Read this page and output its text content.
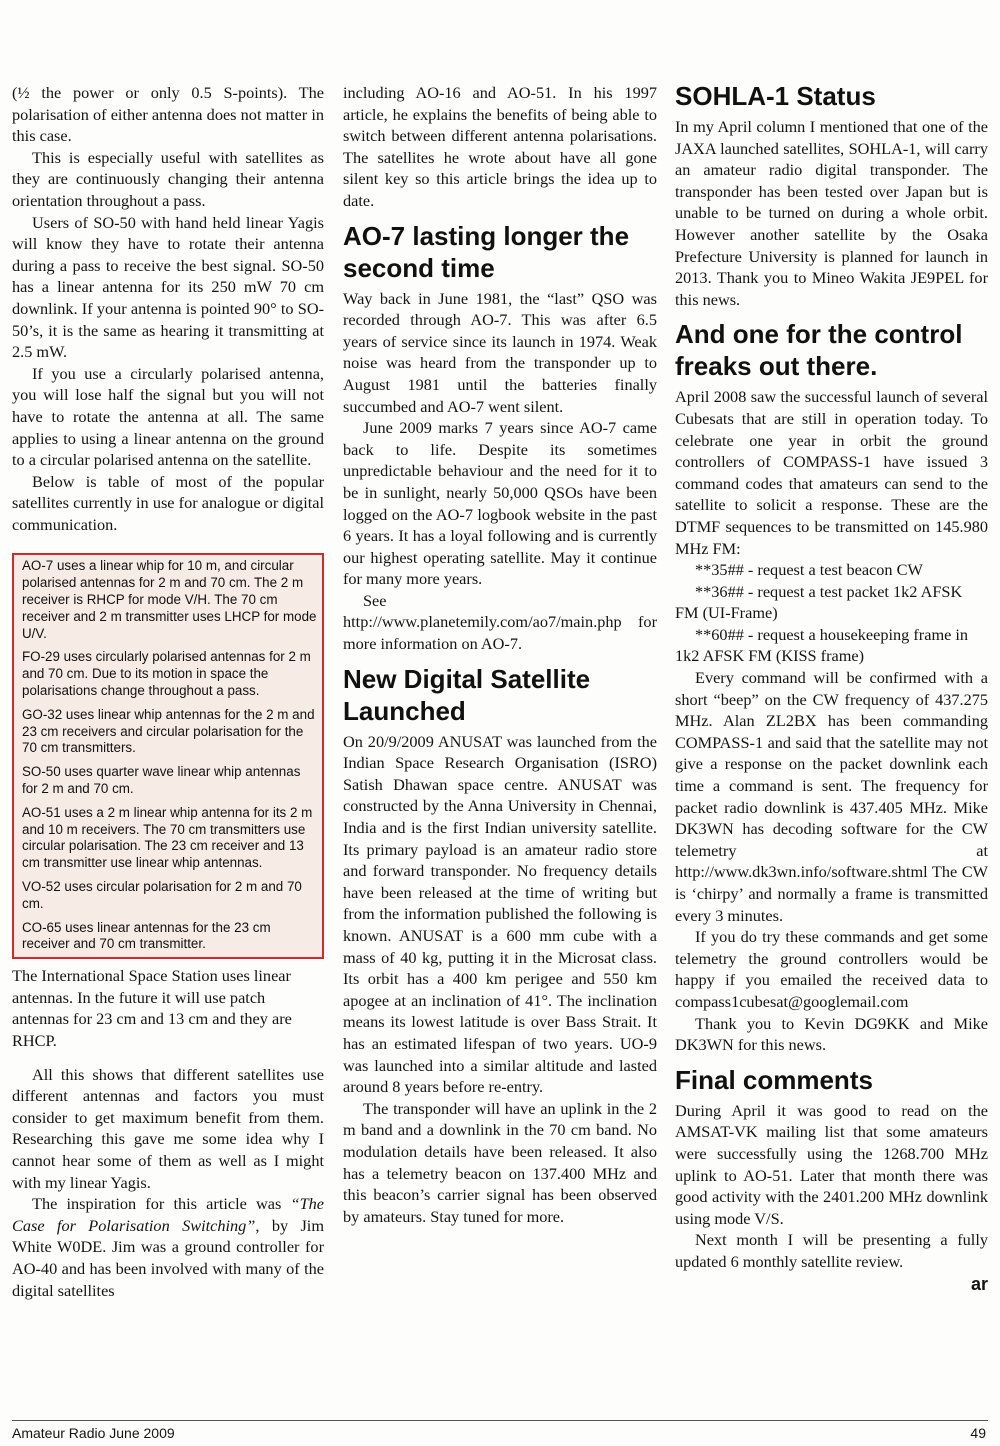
(½ the power or only 0.5 S-points). The polarisation of either antenna does not matter in this case.

This is especially useful with satellites as they are continuously changing their antenna orientation throughout a pass.

Users of SO-50 with hand held linear Yagis will know they have to rotate their antenna during a pass to receive the best signal. SO-50 has a linear antenna for its 250 mW 70 cm downlink. If your antenna is pointed 90° to SO-50’s, it is the same as hearing it transmitting at 2.5 mW.

If you use a circularly polarised antenna, you will lose half the signal but you will not have to rotate the antenna at all. The same applies to using a linear antenna on the ground to a circular polarised antenna on the satellite.

Below is table of most of the popular satellites currently in use for analogue or digital communication.

AO-7 uses a linear whip for 10 m, and circular polarised antennas for 2 m and 70 cm. The 2 m receiver is RHCP for mode V/H. The 70 cm receiver and 2 m transmitter uses LHCP for mode U/V.

FO-29 uses circularly polarised antennas for 2 m and 70 cm. Due to its motion in space the polarisations change throughout a pass.

GO-32 uses linear whip antennas for the 2 m and 23 cm receivers and circular polarisation for the 70 cm transmitters.

SO-50 uses quarter wave linear whip antennas for 2 m and 70 cm.

AO-51 uses a 2 m linear whip antenna for its 2 m and 10 m receivers. The 70 cm transmitters use circular polarisation. The 23 cm receiver and 13 cm transmitter use linear whip antennas.

VO-52 uses circular polarisation for 2 m and 70 cm.

CO-65 uses linear antennas for the 23 cm receiver and 70 cm transmitter.

The International Space Station uses linear antennas. In the future it will use patch antennas for 23 cm and 13 cm and they are RHCP.

All this shows that different satellites use different antennas and factors you must consider to get maximum benefit from them. Researching this gave me some idea why I cannot hear some of them as well as I might with my linear Yagis.

The inspiration for this article was “The Case for Polarisation Switching”, by Jim White W0DE. Jim was a ground controller for AO-40 and has been involved with many of the digital satellites

including AO-16 and AO-51. In his 1997 article, he explains the benefits of being able to switch between different antenna polarisations. The satellites he wrote about have all gone silent key so this article brings the idea up to date.

AO-7 lasting longer the second time

Way back in June 1981, the “last” QSO was recorded through AO-7. This was after 6.5 years of service since its launch in 1974. Weak noise was heard from the transponder up to August 1981 until the batteries finally succumbed and AO-7 went silent.

June 2009 marks 7 years since AO-7 came back to life. Despite its sometimes unpredictable behaviour and the need for it to be in sunlight, nearly 50,000 QSOs have been logged on the AO-7 logbook website in the past 6 years. It has a loyal following and is currently our highest operating satellite. May it continue for many more years.

See http://www.planetemily.com/ao7/main.php for more information on AO-7.

New Digital Satellite Launched

On 20/9/2009 ANUSAT was launched from the Indian Space Research Organisation (ISRO) Satish Dhawan space centre. ANUSAT was constructed by the Anna University in Chennai, India and is the first Indian university satellite. Its primary payload is an amateur radio store and forward transponder. No frequency details have been released at the time of writing but from the information published the following is known. ANUSAT is a 600 mm cube with a mass of 40 kg, putting it in the Microsat class. Its orbit has a 400 km perigee and 550 km apogee at an inclination of 41°. The inclination means its lowest latitude is over Bass Strait. It has an estimated lifespan of two years. UO-9 was launched into a similar altitude and lasted around 8 years before re-entry.

The transponder will have an uplink in the 2 m band and a downlink in the 70 cm band. No modulation details have been released. It also has a telemetry beacon on 137.400 MHz and this beacon’s carrier signal has been observed by amateurs. Stay tuned for more.

SOHLA-1 Status

In my April column I mentioned that one of the JAXA launched satellites, SOHLA-1, will carry an amateur radio digital transponder. The transponder has been tested over Japan but is unable to be turned on during a whole orbit. However another satellite by the Osaka Prefecture University is planned for launch in 2013. Thank you to Mineo Wakita JE9PEL for this news.

And one for the control freaks out there.

April 2008 saw the successful launch of several Cubesats that are still in operation today. To celebrate one year in orbit the ground controllers of COMPASS-1 have issued 3 command codes that amateurs can send to the satellite to solicit a response. These are the DTMF sequences to be transmitted on 145.980 MHz FM:

**35## - request a test beacon CW

**36## - request a test packet 1k2 AFSK FM (UI-Frame)

**60## - request a housekeeping frame in 1k2 AFSK FM (KISS frame)

Every command will be confirmed with a short “beep” on the CW frequency of 437.275 MHz. Alan ZL2BX has been commanding COMPASS-1 and said that the satellite may not give a response on the packet downlink each time a command is sent. The frequency for packet radio downlink is 437.405 MHz. Mike DK3WN has decoding software for the CW telemetry at http://www.dk3wn.info/software.shtml The CW is ‘chirpy’ and normally a frame is transmitted every 3 minutes.

If you do try these commands and get some telemetry the ground controllers would be happy if you emailed the received data to compass1cubesat@googlemail.com

Thank you to Kevin DG9KK and Mike DK3WN for this news.

Final comments

During April it was good to read on the AMSAT-VK mailing list that some amateurs were successfully using the 1268.700 MHz uplink to AO-51. Later that month there was good activity with the 2401.200 MHz downlink using mode V/S.

Next month I will be presenting a fully updated 6 monthly satellite review.

ar
Amateur Radio June 2009	49
